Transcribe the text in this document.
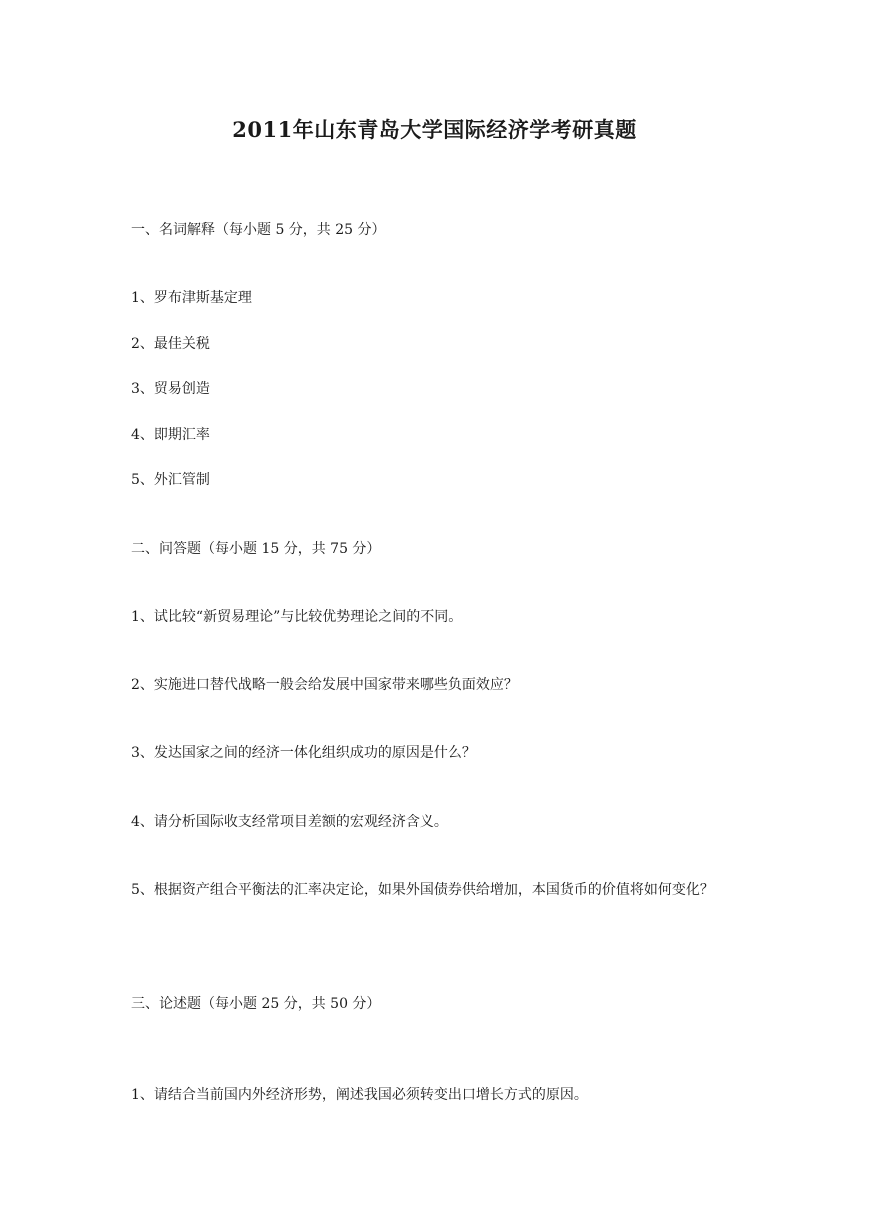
2011年山东青岛大学国际经济学考研真题
一、名词解释（每小题 5 分，共 25 分）
1、罗布津斯基定理
2、最佳关税
3、贸易创造
4、即期汇率
5、外汇管制
二、问答题（每小题 15 分，共 75 分）
1、试比较“新贸易理论”与比较优势理论之间的不同。
2、实施进口替代战略一般会给发展中国家带来哪些负面效应？
3、发达国家之间的经济一体化组织成功的原因是什么？
4、请分析国际收支经常项目差额的宏观经济含义。
5、根据资产组合平衡法的汇率决定论，如果外国债券供给增加，本国货币的价值将如何变化？
三、论述题（每小题 25 分，共 50 分）
1、请结合当前国内外经济形势，阐述我国必须转变出口增长方式的原因。
